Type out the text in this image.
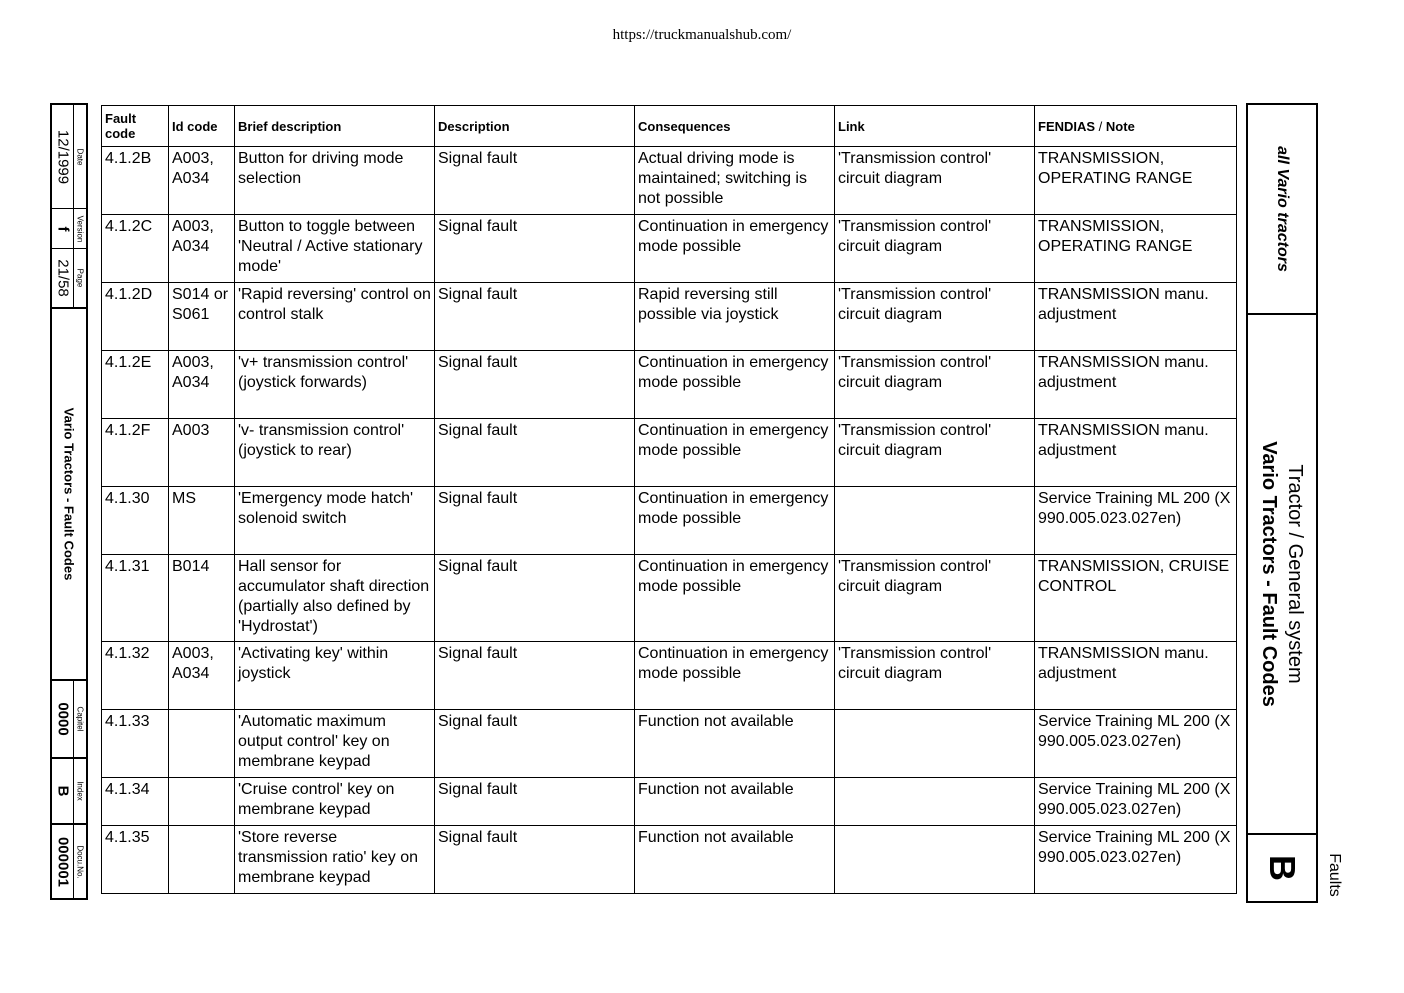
https://truckmanualshub.com/
12/1999 Date
f Version
21/58 Page
Vario Tractors - Fault Codes
0000 Capitel
B Index
000001 Docu.No.
Fault code	Id code	Brief description	Description	Consequences	Link	FENDIAS / Note

4.1.2B	A003, A034	Button for driving mode selection	Signal fault	Actual driving mode is maintained; switching is not possible	'Transmission control' circuit diagram	TRANSMISSION, OPERATING RANGE

4.1.2C	A003, A034	Button to toggle between 'Neutral / Active stationary mode'	Signal fault	Continuation in emergency mode possible	'Transmission control' circuit diagram	TRANSMISSION, OPERATING RANGE

4.1.2D	S014 or S061	'Rapid reversing' control on control stalk	Signal fault	Rapid reversing still possible via joystick	'Transmission control' circuit diagram	TRANSMISSION manu. adjustment

4.1.2E	A003, A034	'v+ transmission control' (joystick forwards)	Signal fault	Continuation in emergency mode possible	'Transmission control' circuit diagram	TRANSMISSION manu. adjustment

4.1.2F	A003	'v- transmission control' (joystick to rear)	Signal fault	Continuation in emergency mode possible	'Transmission control' circuit diagram	TRANSMISSION manu. adjustment

4.1.30	MS	'Emergency mode hatch' solenoid switch	Signal fault	Continuation in emergency mode possible		Service Training ML 200 (X 990.005.023.027en)

4.1.31	B014	Hall sensor for accumulator shaft direction (partially also defined by 'Hydrostat')	Signal fault	Continuation in emergency mode possible	'Transmission control' circuit diagram	TRANSMISSION, CRUISE CONTROL

4.1.32	A003, A034	'Activating key' within joystick	Signal fault	Continuation in emergency mode possible	'Transmission control' circuit diagram	TRANSMISSION manu. adjustment

4.1.33		'Automatic maximum output control' key on membrane keypad	Signal fault	Function not available		Service Training ML 200 (X 990.005.023.027en)

4.1.34		'Cruise control' key on membrane keypad	Signal fault	Function not available		Service Training ML 200 (X 990.005.023.027en)

4.1.35		'Store reverse transmission ratio' key on membrane keypad	Signal fault	Function not available		Service Training ML 200 (X 990.005.023.027en)
all Vario tractors
Tractor / General system
Vario Tractors - Fault Codes
B Faults
